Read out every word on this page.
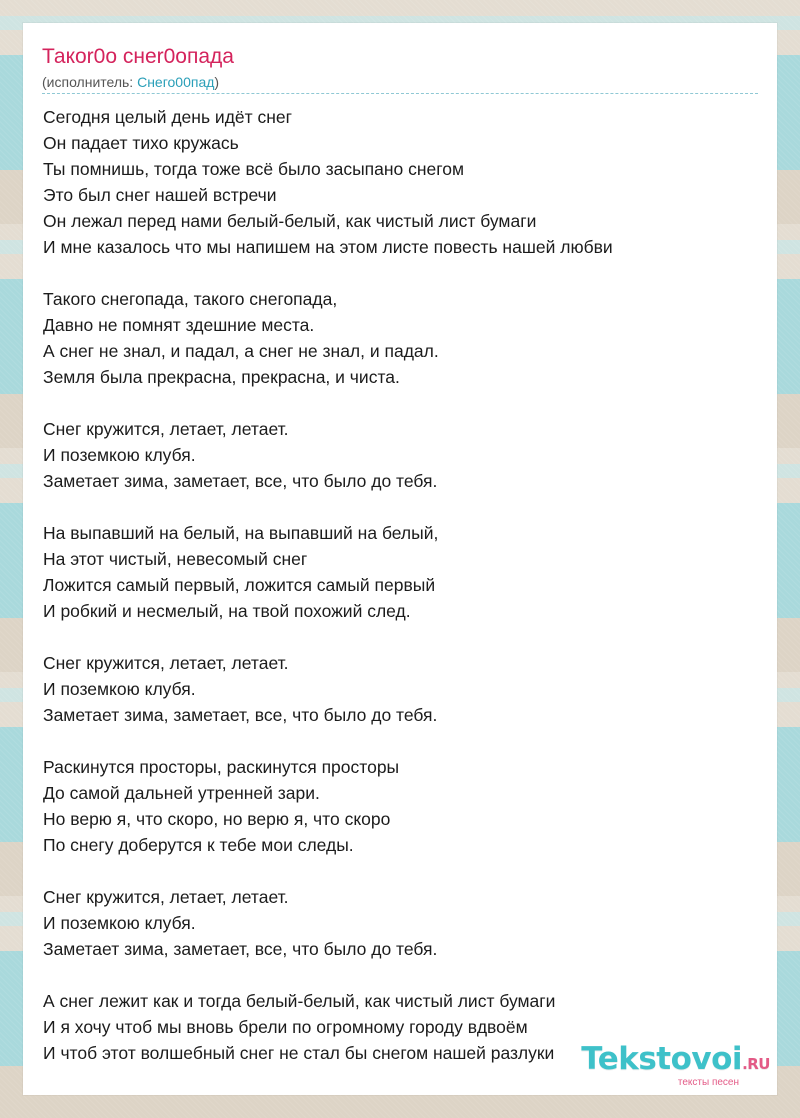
Такоr0о снеr0опада
(исполнитель: Снего00пад)
Сегодня целый день идёт снег
Он падает тихо кружась
Ты помнишь, тогда тоже всё было засыпано снегом
Это был снег нашей встречи
Он лежал перед нами белый-белый, как чистый лист бумаги
И мне казалось что мы напишем на этом листе повесть нашей любви
Такого снегопада, такого снегопада,
Давно не помнят здешние места.
А снег не знал, и падал, а снег не знал, и падал.
Земля была прекрасна, прекрасна, и чиста.
Снег кружится, летает, летает.
И поземкою клубя.
Заметает зима, заметает, все, что было до тебя.
На выпавший на белый, на выпавший на белый,
На этот чистый, невесомый снег
Ложится самый первый, ложится самый первый
И робкий и несмелый, на твой похожий след.
Снег кружится, летает, летает.
И поземкою клубя.
Заметает зима, заметает, все, что было до тебя.
Раскинутся просторы, раскинутся просторы
До самой дальней утренней зари.
Но верю я, что скоро, но верю я, что скоро
По снегу доберутся к тебе мои следы.
Снег кружится, летает, летает.
И поземкою клубя.
Заметает зима, заметает, все, что было до тебя.
А снег лежит как и тогда белый-белый, как чистый лист бумаги
И я хочу чтоб мы вновь брели по огромному городу вдвоём
И чтоб этот волшебный снег не стал бы снегом нашей разлуки Tekstovoi.RU
тексты песен
